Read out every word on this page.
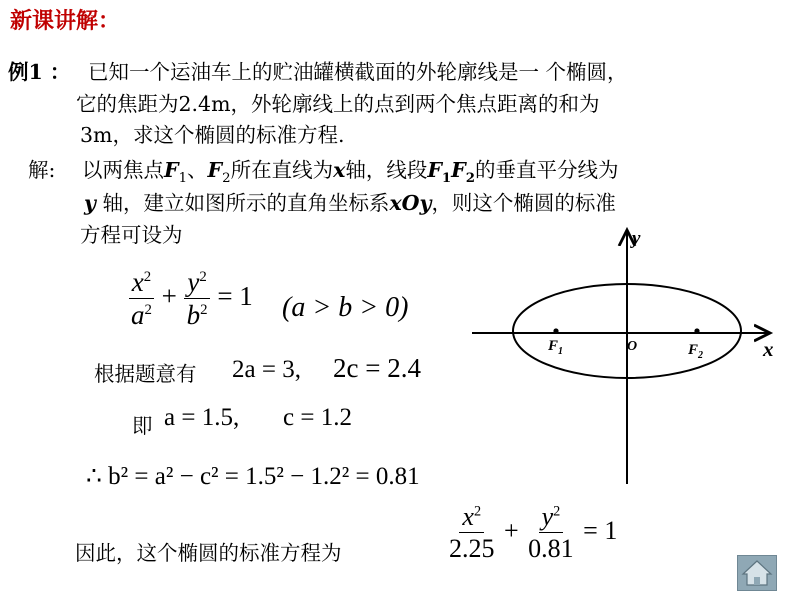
新课讲解：
例1 ： 已知一个运油车上的贮油罐横截面的外轮廓线是一 个椭圆，
它的焦距为2.4m，外轮廓线上的点到两个焦点距离的和为
3m，求这个椭圆的标准方程.
解: 以两焦点$F_1$、$F_2$所在直线为x轴，线段$F_1F_2$的垂直平分线为
y 轴，建立如图所示的直角坐标系xOy，则这个椭圆的标准
方程可设为
$\frac{x^2}{a^2} + \frac{y^2}{b^2} = 1$ (a > b > 0)
根据题意有 2a = 3, 2c = 2.4
即 a = 1.5, c = 1.2
∴ b² = a² − c² = 1.5² − 1.2² = 0.81
因此，这个椭圆的标准方程为	$\frac{x^2}{2.25} + \frac{y^2}{0.81} = 1$
y
x
O
$F_1$	$F_2$
